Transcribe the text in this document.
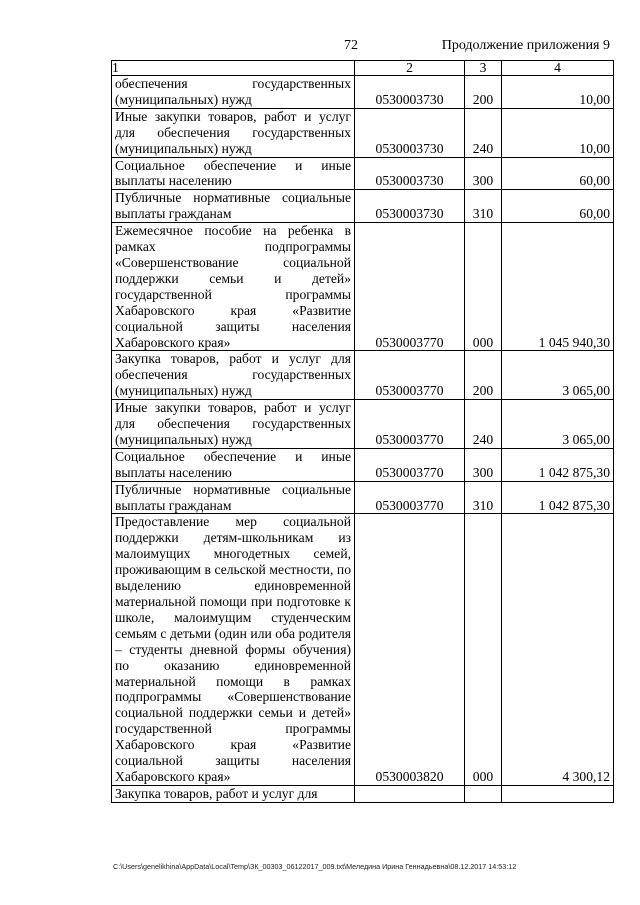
72	Продолжение приложения 9
1	2	3	4
обеспечения государственных (муниципальных) нужд	0530003730	200	10,00
Иные закупки товаров, работ и услуг для обеспечения государственных (муниципальных) нужд	0530003730	240	10,00
Социальное обеспечение и иные выплаты населению	0530003730	300	60,00
Публичные нормативные социальные выплаты гражданам	0530003730	310	60,00
Ежемесячное пособие на ребенка в рамках подпрограммы «Совершенствование социальной поддержки семьи и детей» государственной программы Хабаровского края «Развитие социальной защиты населения Хабаровского края»	0530003770	000	1 045 940,30
Закупка товаров, работ и услуг для обеспечения государственных (муниципальных) нужд	0530003770	200	3 065,00
Иные закупки товаров, работ и услуг для обеспечения государственных (муниципальных) нужд	0530003770	240	3 065,00
Социальное обеспечение и иные выплаты населению	0530003770	300	1 042 875,30
Публичные нормативные социальные выплаты гражданам	0530003770	310	1 042 875,30
Предоставление мер социальной поддержки детям-школьникам из малоимущих многодетных семей, проживающим в сельской местности, по выделению единовременной материальной помощи при подготовке к школе, малоимущим студенческим семьям с детьми (один или оба родителя – студенты дневной формы обучения) по оказанию единовременной материальной помощи в рамках подпрограммы «Совершенствование социальной поддержки семьи и детей» государственной программы Хабаровского края «Развитие социальной защиты населения Хабаровского края»	0530003820	000	4 300,12
Закупка товаров, работ и услуг для			
C:\Users\genelikhina\AppData\Local\Temp\ЗК_00303_06122017_009.txt\Меледина Ирина Геннадьевна\08.12.2017 14:53:12
